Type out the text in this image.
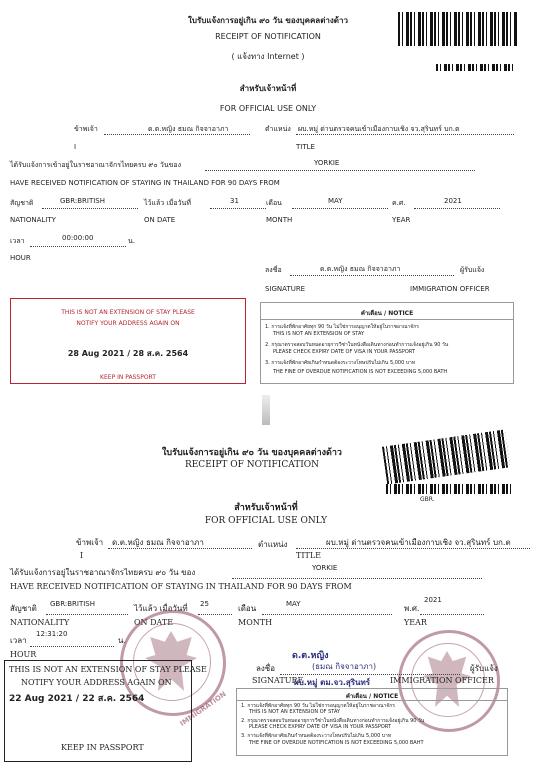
ใบรับแจ้งการอยู่เกิน ๙๐ วัน ของบุคคลต่างด้าว
RECEIPT OF NOTIFICATION
( แจ้งทาง Internet )
สำหรับเจ้าหน้าที่
FOR OFFICIAL USE ONLY
ข้าพเจ้า
I
ด.ต.หญิง ธมณ กิจจาอาภา	ตำแหน่ง
TITLE
ผบ.หมู่ ด่านตรวจคนเข้าเมืองกาบเชิง จว.สุรินทร์ บก.ต
ได้รับแจ้งการเข้าอยู่ในราชอาณาจักรไทยครบ ๙๐ วันของ	YORKIE
HAVE RECEIVED NOTIFICATION OF STAYING IN THAILAND FOR 90 DAYS FROM
สัญชาติ
NATIONALITY
GBR:BRITISH	ไว้แล้ว เมื่อวันที่
ON DATE
31	เดือน
MONTH
MAY	ค.ศ.
YEAR
2021
เวลา	00:00:00	น.
HOUR
ลงชื่อ	ด.ต.หญิง ธมณ กิจจาอาภา	ผู้รับแจ้ง
SIGNATURE	IMMIGRATION OFFICER
THIS IS NOT AN EXTENSION OF STAY PLEASE
NOTIFY YOUR ADDRESS AGAIN ON
28 Aug 2021 / 28 ส.ค. 2564
KEEP IN PASSPORT
คำเตือน / NOTICE
1. การแจ้งที่พักอาศัยทุก 90 วัน ไม่ใช่การอนุญาตให้อยู่ในราชอาณาจักร
THIS IS NOT AN EXTENSION OF STAY
2. กรุณาตรวจสอบวันหมดอายุการวีซ่าในหนังสือเดินทางก่อนทำการแจ้งอยู่เกิน 90 วัน
PLEASE CHECK EXPIRY DATE OF VISA IN YOUR PASSPORT
3. การแจ้งที่พักอาศัยเกินกำหนดต้องระวางโทษปรับไม่เกิน 5,000 บาท
THE FINE OF OVERDUE NOTIFICATION IS NOT EXCEEDING 5,000 BATH
GBR.
ใบรับแจ้งการอยู่เกิน ๙๐ วัน ของบุคคลต่างด้าว
RECEIPT OF NOTIFICATION
สำหรับเจ้าหน้าที่
FOR OFFICIAL USE ONLY
ข้าพเจ้า
I
ด.ต.หญิง ธมณ กิจจาอาภา	ตำแหน่ง
TITLE
ผบ.หมู่ ด่านตรวจคนเข้าเมืองกาบเชิง จว.สุรินทร์ บก.ต
ได้รับแจ้งการอยู่ในราชอาณาจักรไทยครบ ๙๐ วัน ของ	YORKIE
HAVE RECEIVED NOTIFICATION OF STAYING IN THAILAND FOR 90 DAYS FROM
สัญชาติ
NATIONALITY
GBR:BRITISH	ไว้แล้ว เมื่อวันที่
ON DATE
25	เดือน
MONTH
MAY	พ.ศ.
YEAR
2021
เวลา
12:31:20
น.
HOUR
IMMIGRATION
ด.ต.หญิง
ลงชื่อ	(ธมณ กิจจาอาภา)	ผู้รับแจ้ง
SIGNATURE
ผบ.หมู่ ตม.จว.สุรินทร์ IMMIGRATION OFFICER
THIS IS NOT AN EXTENSION OF STAY PLEASE
NOTIFY YOUR ADDRESS AGAIN ON
22 Aug 2021 / 22 ส.ค. 2564
KEEP IN PASSPORT
คำเตือน / NOTICE
1. การแจ้งที่พักอาศัยทุก 90 วัน ไม่ใช่การอนุญาตให้อยู่ในราชอาณาจักร
THIS IS NOT AN EXTENSION OF STAY
2. กรุณาตรวจสอบวันหมดอายุการวีซ่าในหนังสือเดินทางก่อนทำการแจ้งอยู่เกิน 90 วัน
PLEASE CHECK EXPIRY DATE OF VISA IN YOUR PASSPORT
3. การแจ้งที่พักอาศัยเกินกำหนดต้องระวางโทษปรับไม่เกิน 5,000 บาท
THE FINE OF OVERDUE NOTIFICATION IS NOT EXCEEDING 5,000 BAHT
